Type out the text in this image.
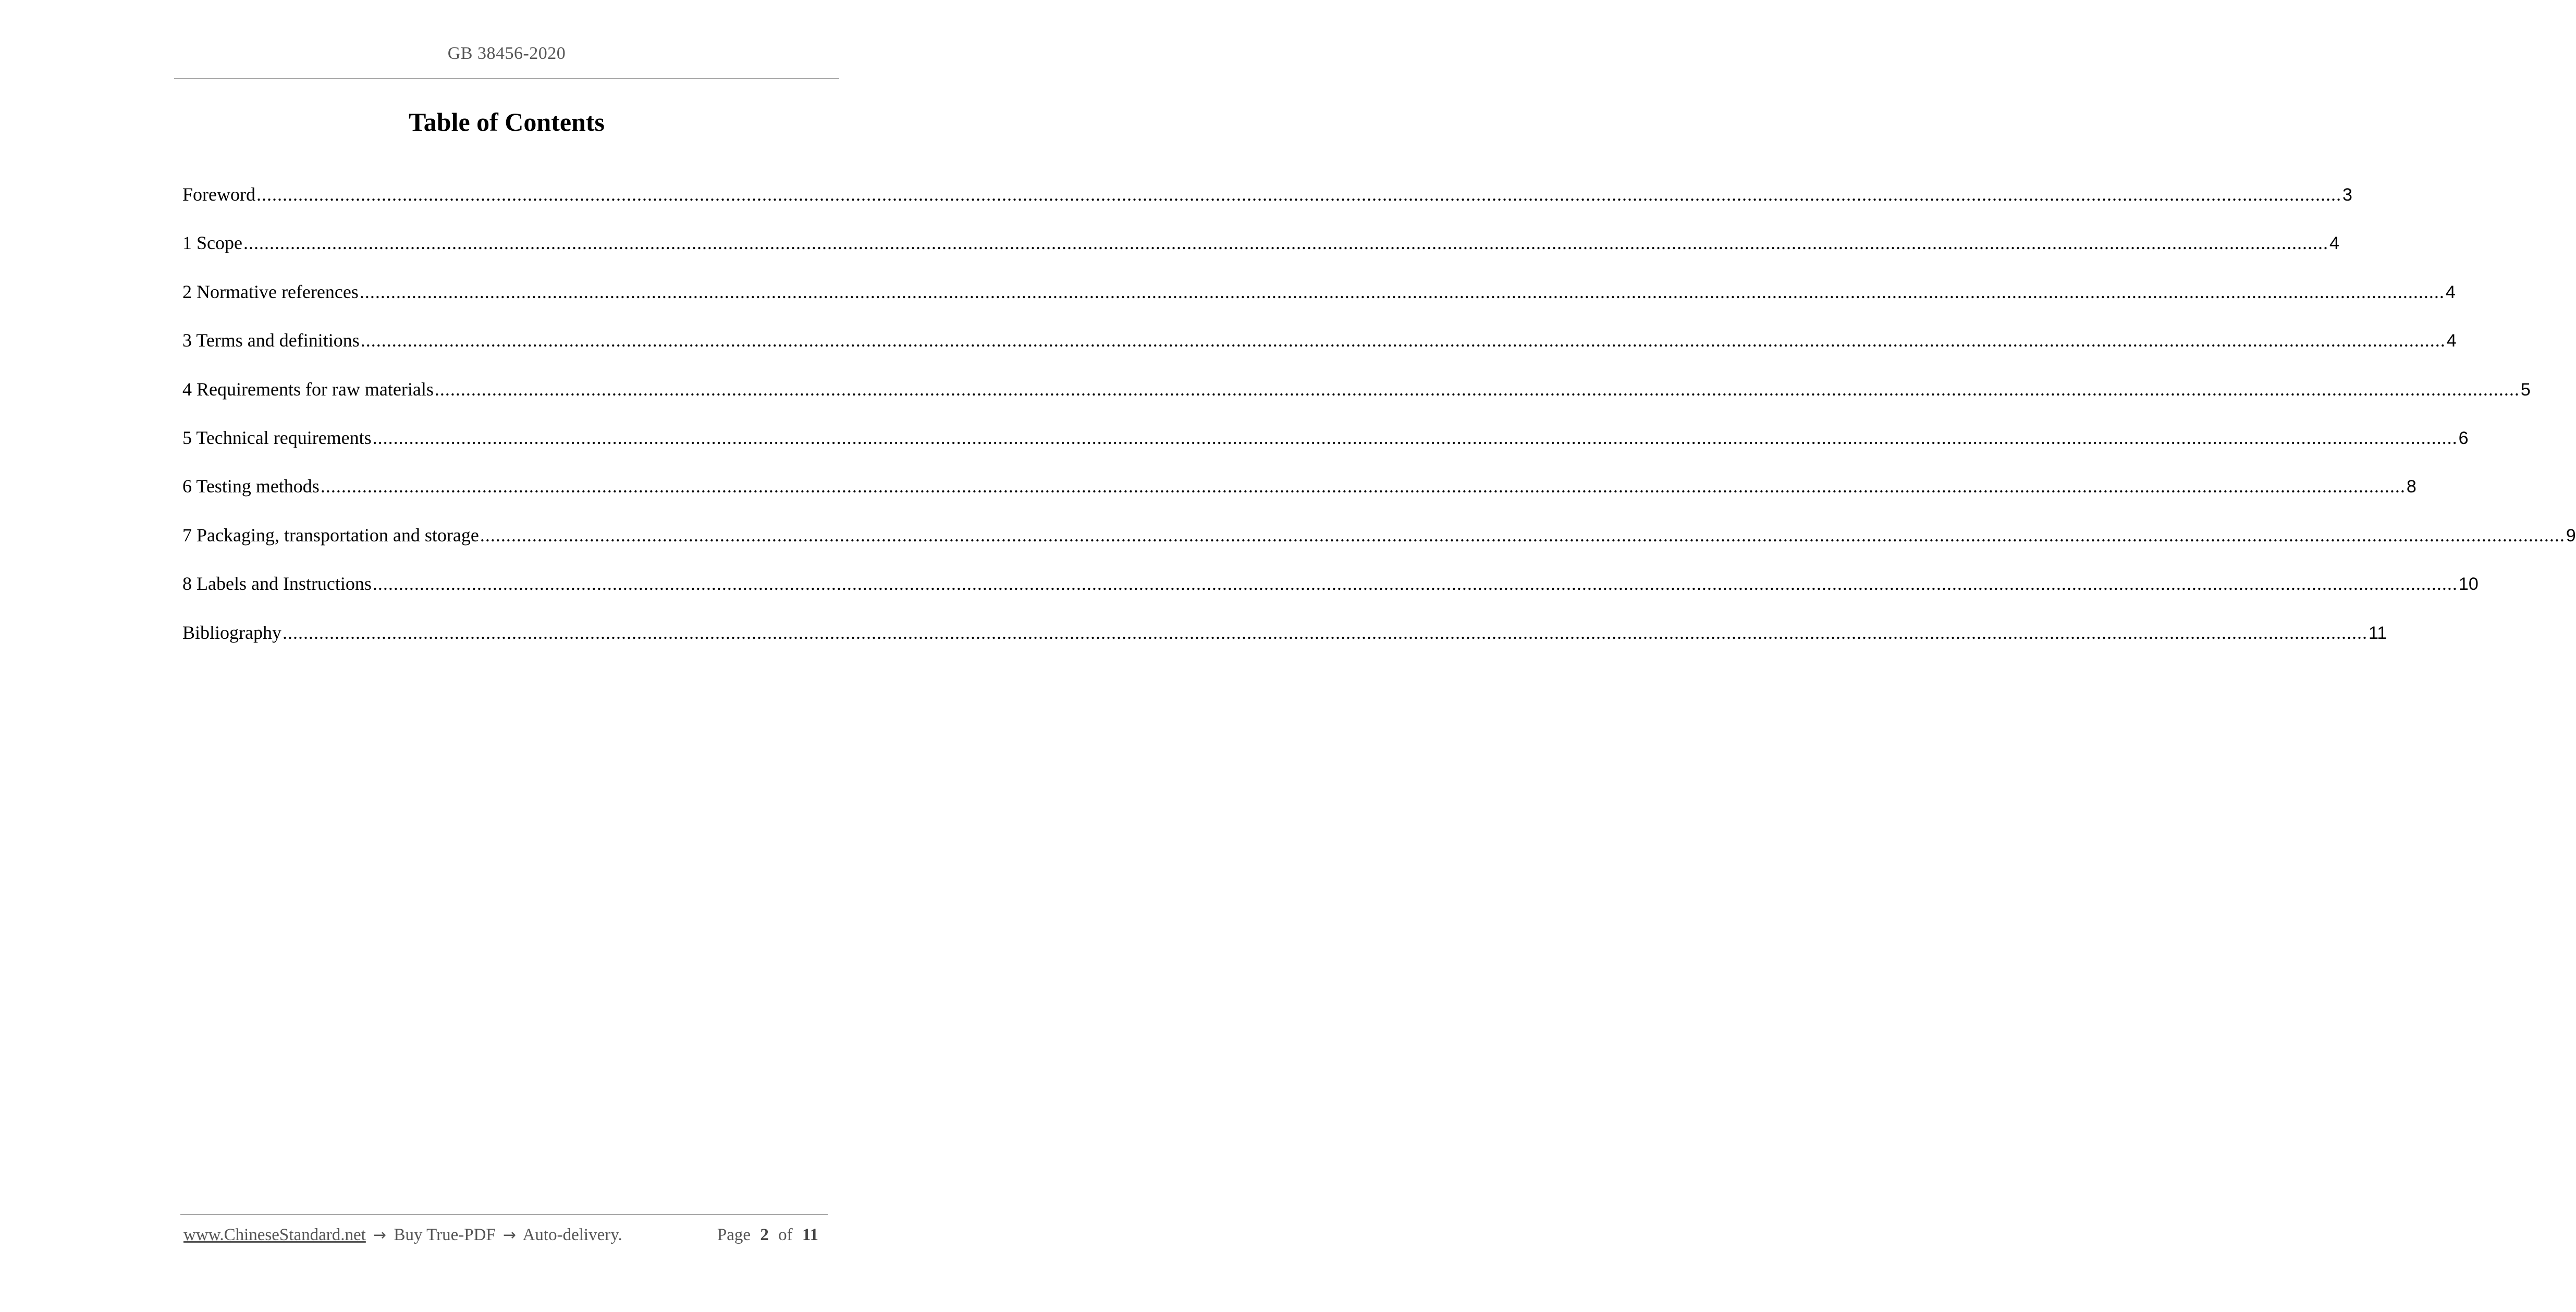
GB 38456-2020
Table of Contents
Foreword ................................................................................................................................................................................................................................................................................................................................................................................................................ 3
1 Scope ................................................................................................................................................................................................................................................................................................................................................................................................................ 4
2 Normative references ................................................................................................................................................................................................................................................................................................................................................................................................................ 4
3 Terms and definitions ................................................................................................................................................................................................................................................................................................................................................................................................................ 4
4 Requirements for raw materials ................................................................................................................................................................................................................................................................................................................................................................................................................ 5
5 Technical requirements ................................................................................................................................................................................................................................................................................................................................................................................................................ 6
6 Testing methods ................................................................................................................................................................................................................................................................................................................................................................................................................ 8
7 Packaging, transportation and storage ................................................................................................................................................................................................................................................................................................................................................................................................................ 9
8 Labels and Instructions ................................................................................................................................................................................................................................................................................................................................................................................................................ 10
Bibliography ................................................................................................................................................................................................................................................................................................................................................................................................................ 11
www.ChineseStandard.net → Buy True-PDF → Auto-delivery.	Page 2 of 11
